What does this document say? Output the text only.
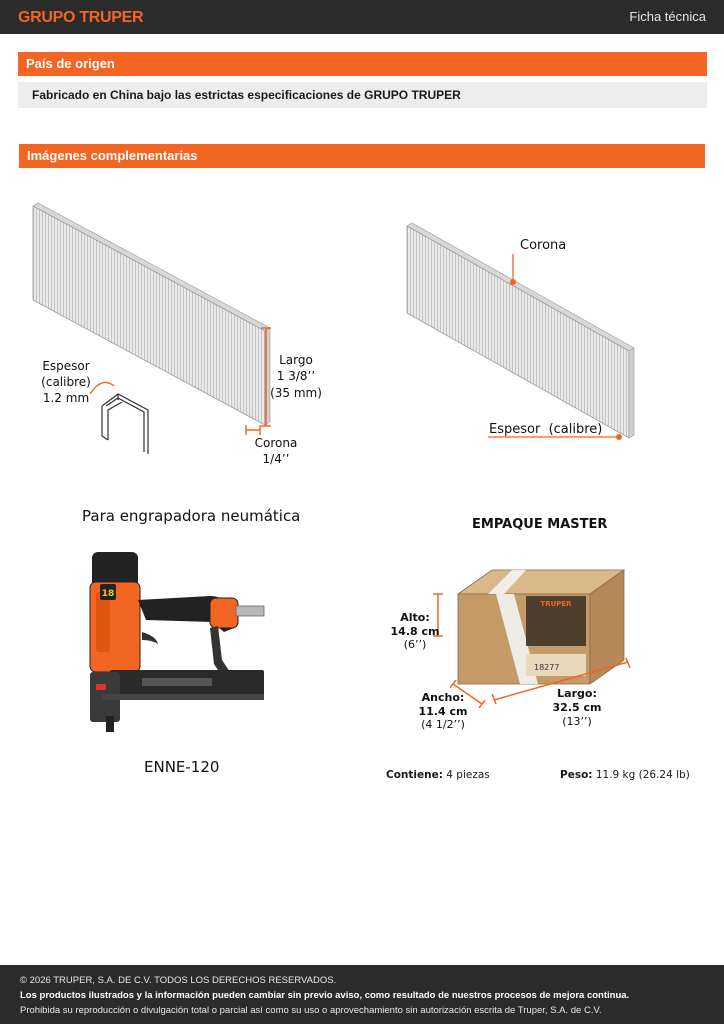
GRUPO TRUPER	Ficha técnica
País de origen
Fabricado en China bajo las estrictas especificaciones de GRUPO TRUPER
Imágenes complementarias
Largo
1 3/8’’
(35 mm)
Corona
1/4’’
Espesor
(calibre)
1.2 mm
Corona
Espesor  (calibre)
Para engrapadora neumática
18
ENNE-120
EMPAQUE MASTER
TRUPER
18277
Alto:
14.8 cm
(6’’)
Ancho:
11.4 cm
(4 1/2’’)
Largo:
32.5 cm
(13’’)
Contiene: 4 piezas	Peso: 11.9 kg (26.24 lb)
© 2026 TRUPER, S.A. DE C.V. TODOS LOS DERECHOS RESERVADOS.
Los productos ilustrados y la información pueden cambiar sin previo aviso, como resultado de nuestros procesos de mejora continua.
Prohibida su reproducción o divulgación total o parcial así como su uso o aprovechamiento sin autorización escrita de Truper, S.A. de C.V.
